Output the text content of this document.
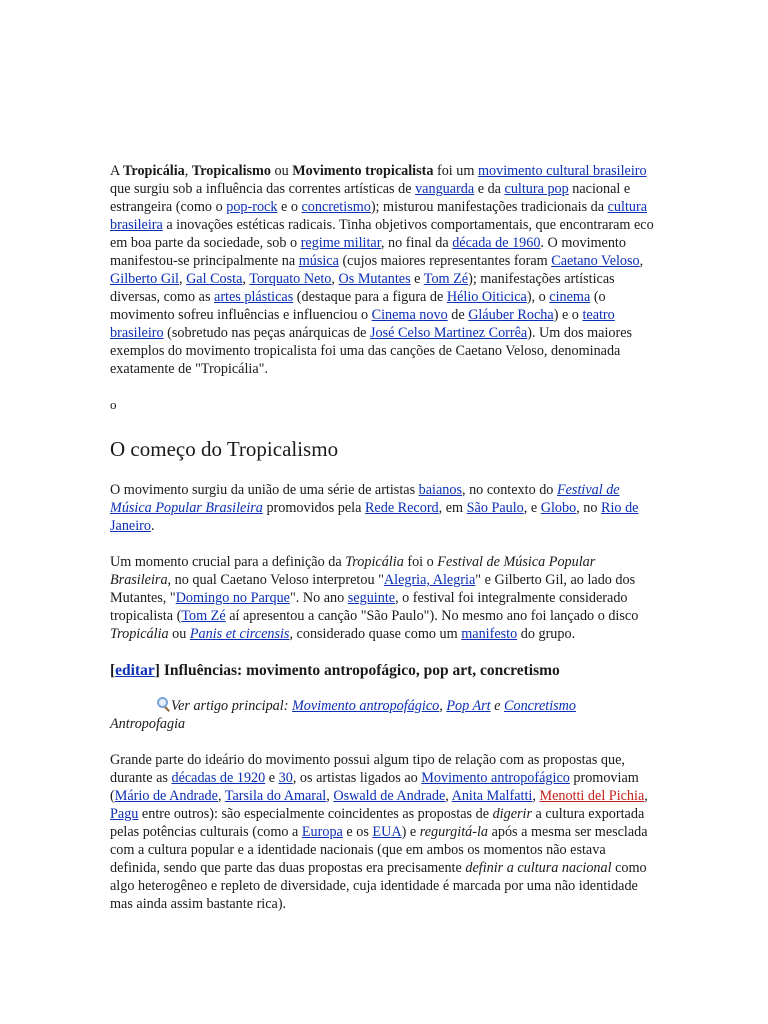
A Tropicália, Tropicalismo ou Movimento tropicalista foi um movimento cultural brasileiro que surgiu sob a influência das correntes artísticas de vanguarda e da cultura pop nacional e estrangeira (como o pop-rock e o concretismo); misturou manifestações tradicionais da cultura brasileira a inovações estéticas radicais. Tinha objetivos comportamentais, que encontraram eco em boa parte da sociedade, sob o regime militar, no final da década de 1960. O movimento manifestou-se principalmente na música (cujos maiores representantes foram Caetano Veloso, Gilberto Gil, Gal Costa, Torquato Neto, Os Mutantes e Tom Zé); manifestações artísticas diversas, como as artes plásticas (destaque para a figura de Hélio Oiticica), o cinema (o movimento sofreu influências e influenciou o Cinema novo de Gláuber Rocha) e o teatro brasileiro (sobretudo nas peças anárquicas de José Celso Martinez Corrêa). Um dos maiores exemplos do movimento tropicalista foi uma das canções de Caetano Veloso, denominada exatamente de "Tropicália".

o

O começo do Tropicalismo

O movimento surgiu da união de uma série de artistas baianos, no contexto do Festival de Música Popular Brasileira promovidos pela Rede Record, em São Paulo, e Globo, no Rio de Janeiro.

Um momento crucial para a definição da Tropicália foi o Festival de Música Popular Brasileira, no qual Caetano Veloso interpretou "Alegria, Alegria" e Gilberto Gil, ao lado dos Mutantes, "Domingo no Parque". No ano seguinte, o festival foi integralmente considerado tropicalista (Tom Zé aí apresentou a canção "São Paulo"). No mesmo ano foi lançado o disco Tropicália ou Panis et circensis, considerado quase como um manifesto do grupo.

[editar] Influências: movimento antropofágico, pop art, concretismo

Ver artigo principal: Movimento antropofágico, Pop Art e Concretismo

Antropofagia

Grande parte do ideário do movimento possui algum tipo de relação com as propostas que, durante as décadas de 1920 e 30, os artistas ligados ao Movimento antropofágico promoviam (Mário de Andrade, Tarsila do Amaral, Oswald de Andrade, Anita Malfatti, Menotti del Pichia, Pagu entre outros): são especialmente coincidentes as propostas de digerir a cultura exportada pelas potências culturais (como a Europa e os EUA) e regurgitá-la após a mesma ser mesclada com a cultura popular e a identidade nacionais (que em ambos os momentos não estava definida, sendo que parte das duas propostas era precisamente definir a cultura nacional como algo heterogêneo e repleto de diversidade, cuja identidade é marcada por uma não identidade mas ainda assim bastante rica).
